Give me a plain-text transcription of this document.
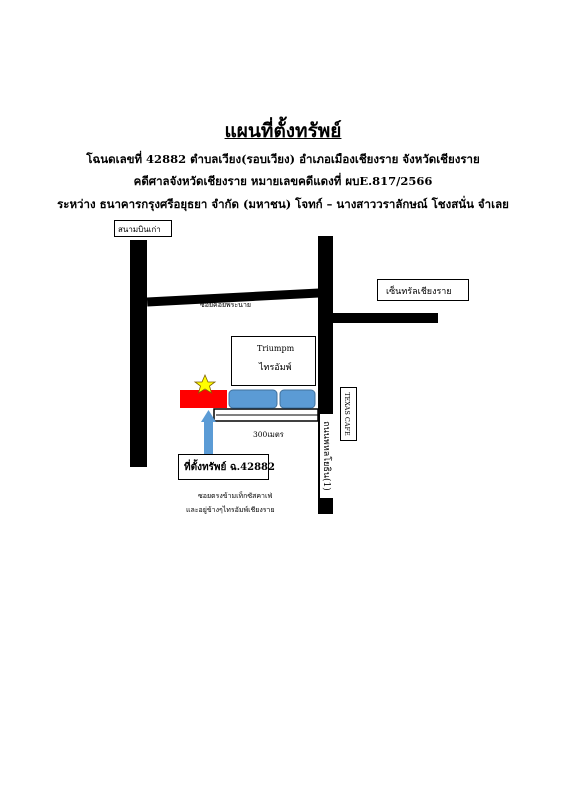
แผนที่ตั้งทรัพย์
โฉนดเลขที่ 42882 ตำบลเวียง(รอบเวียง) อำเภอเมืองเชียงราย จังหวัดเชียงราย
คดีศาลจังหวัดเชียงราย หมายเลขคดีแดงที่ ผบE.817/2566
ระหว่าง ธนาคารกรุงศรีอยุธยา จำกัด (มหาชน) โจทก์ – นางสาววราลักษณ์ โชงสนั่น จำเลย
สนามบินเก่า
เซ็นทรัลเชียงราย
ซอยคอยพระนาย
Triumpm
ไทรอัมพ์
TEXAS CAFE
300เมตร	ถนนพหลโยธิน(1)
ที่ตั้งทรัพย์ ฉ.42882
ซอยตรงข้ามเท็กซัสคาเฟ่
และอยู่ข้างๆไทรอัมพ์เชียงราย
